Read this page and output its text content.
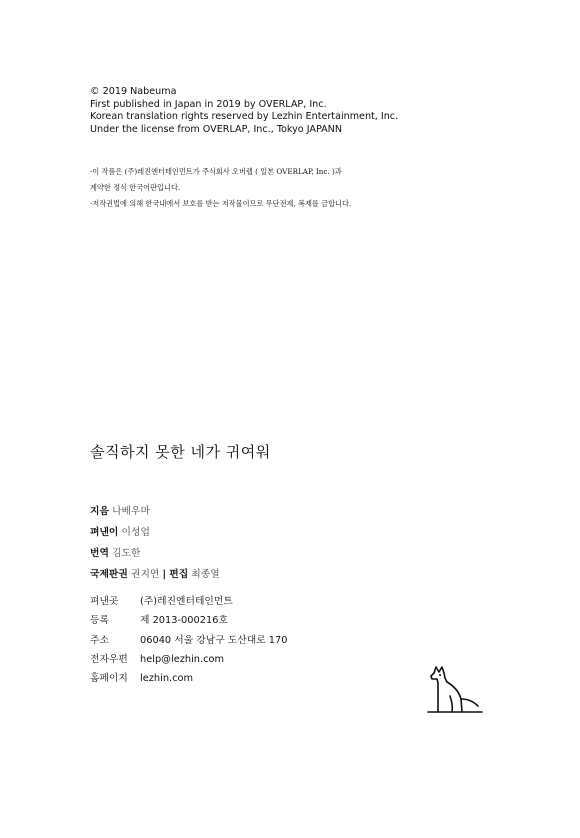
© 2019 Nabeuma
First published in Japan in 2019 by OVERLAP, Inc.
Korean translation rights reserved by Lezhin Entertainment, Inc.
Under the license from OVERLAP, Inc., Tokyo JAPANN
·이 작품은 (주)레진엔터테인먼트가 주식회사 오버랩 ( 일본 OVERLAP, Inc. )과
계약한 정식 한국어판입니다.
·저작권법에 의해 한국내에서 보호를 받는 저작물이므로 무단전제, 복제를 금합니다.
솔직하지 못한 네가 귀여워
지음 나베우마
펴낸이 이성업
번역 김도한
국제판권 권지연 | 편집 최종열
펴낸곳	(주)레진엔터테인먼트
등록	제 2013-000216호
주소	06040 서울 강남구 도산대로 170
전자우편	help@lezhin.com
홈페이지	lezhin.com
